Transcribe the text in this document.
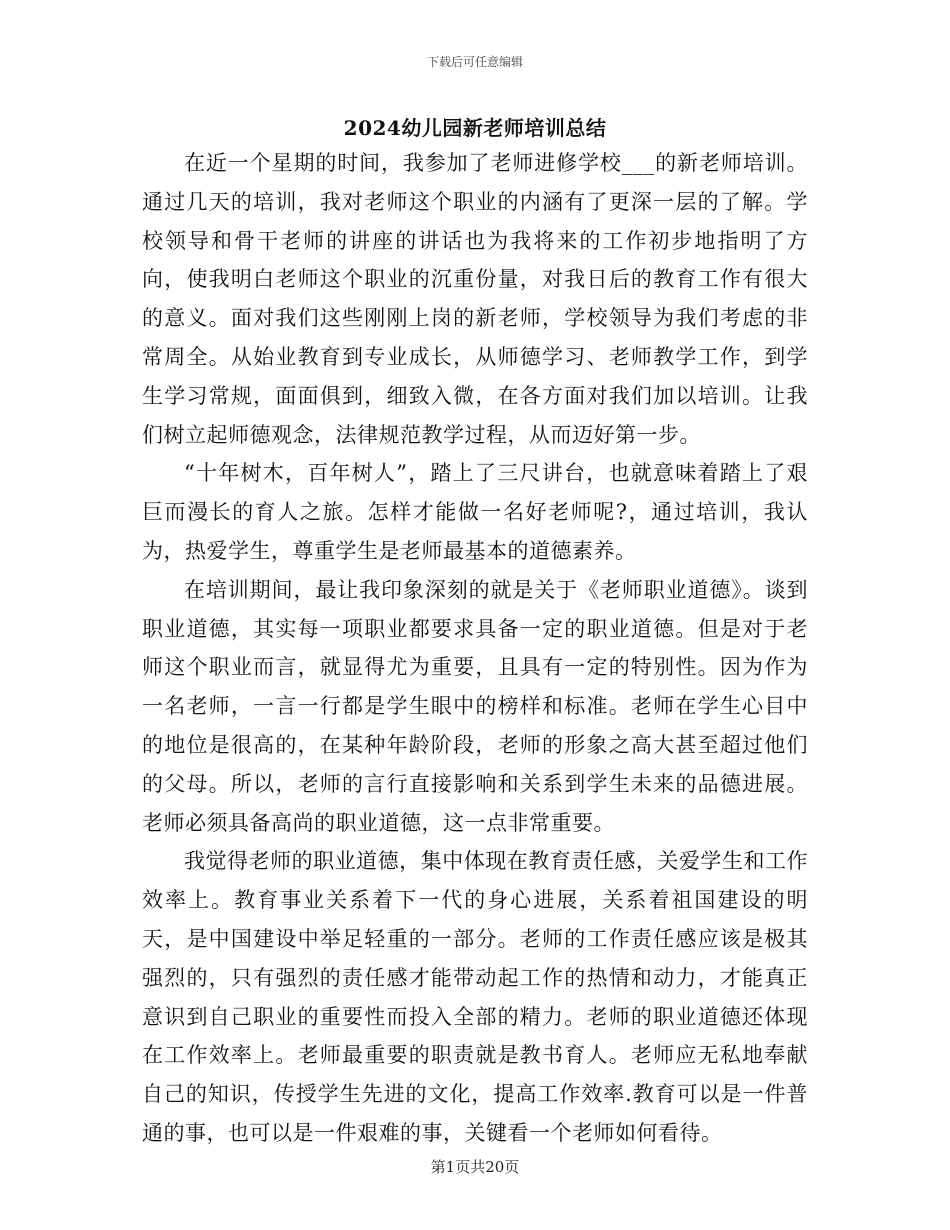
下载后可任意编辑
2024幼儿园新老师培训总结

在近一个星期的时间，我参加了老师进修学校___的新老师培训。通过几天的培训，我对老师这个职业的内涵有了更深一层的了解。学校领导和骨干老师的讲座的讲话也为我将来的工作初步地指明了方向，使我明白老师这个职业的沉重份量，对我日后的教育工作有很大的意义。面对我们这些刚刚上岗的新老师，学校领导为我们考虑的非常周全。从始业教育到专业成长，从师德学习、老师教学工作，到学生学习常规，面面俱到，细致入微，在各方面对我们加以培训。让我们树立起师德观念，法律规范教学过程，从而迈好第一步。

“十年树木，百年树人”，踏上了三尺讲台，也就意味着踏上了艰巨而漫长的育人之旅。怎样才能做一名好老师呢?，通过培训，我认为，热爱学生，尊重学生是老师最基本的道德素养。

在培训期间，最让我印象深刻的就是关于《老师职业道德》。谈到职业道德，其实每一项职业都要求具备一定的职业道德。但是对于老师这个职业而言，就显得尤为重要，且具有一定的特别性。因为作为一名老师，一言一行都是学生眼中的榜样和标准。老师在学生心目中的地位是很高的，在某种年龄阶段，老师的形象之高大甚至超过他们的父母。所以，老师的言行直接影响和关系到学生未来的品德进展。老师必须具备高尚的职业道德，这一点非常重要。

我觉得老师的职业道德，集中体现在教育责任感，关爱学生和工作效率上。教育事业关系着下一代的身心进展，关系着祖国建设的明天，是中国建设中举足轻重的一部分。老师的工作责任感应该是极其强烈的，只有强烈的责任感才能带动起工作的热情和动力，才能真正意识到自己职业的重要性而投入全部的精力。老师的职业道德还体现在工作效率上。老师最重要的职责就是教书育人。老师应无私地奉献自己的知识，传授学生先进的文化，提高工作效率.教育可以是一件普通的事，也可以是一件艰难的事，关键看一个老师如何看待。

第1页共20页
